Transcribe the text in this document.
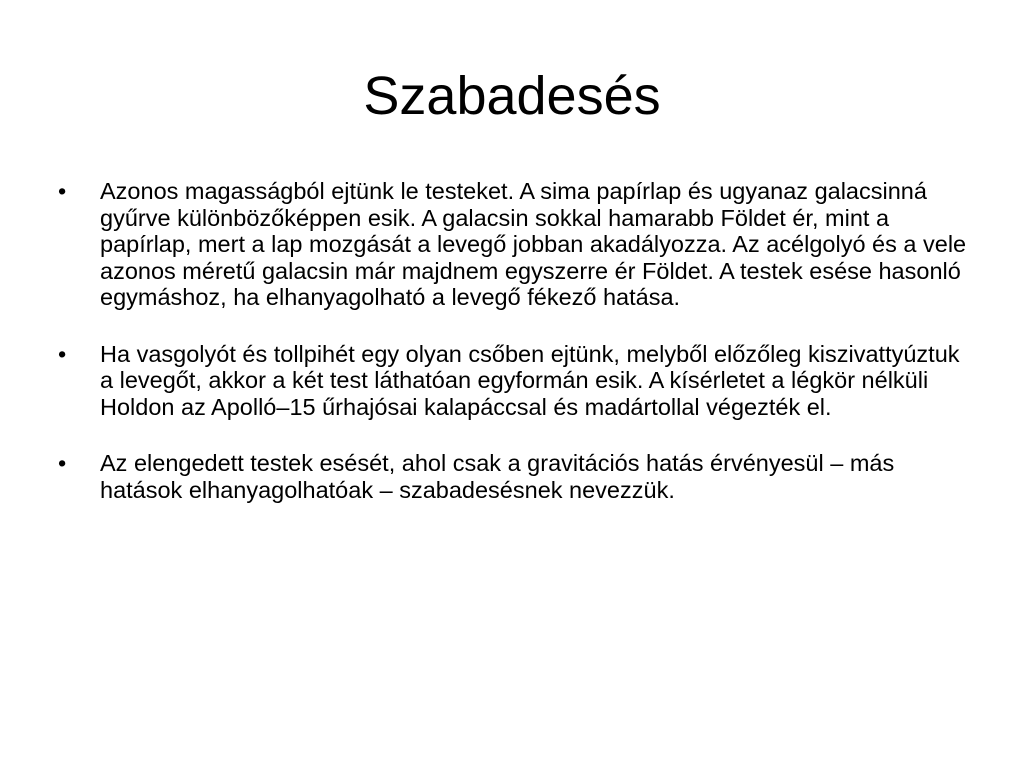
Szabadesés
•	Azonos magasságból ejtünk le testeket. A sima papírlap és ugyanaz galacsinná gyűrve különbözőképpen esik. A galacsin sokkal hamarabb Földet ér, mint a papírlap, mert a lap mozgását a levegő jobban akadályozza. Az acélgolyó és a vele azonos méretű galacsin már majdnem egyszerre ér Földet. A testek esése hasonló egymáshoz, ha elhanyagolható a levegő fékező hatása.
•	Ha vasgolyót és tollpihét egy olyan csőben ejtünk, melyből előzőleg kiszivattyúztuk a levegőt, akkor a két test láthatóan egyformán esik. A kísérletet a légkör nélküli Holdon az Apolló–15 űrhajósai kalapáccsal és madártollal végezték el.
•	Az elengedett testek esését, ahol csak a gravitációs hatás érvényesül – más hatások elhanyagolhatóak – szabadesésnek nevezzük.
